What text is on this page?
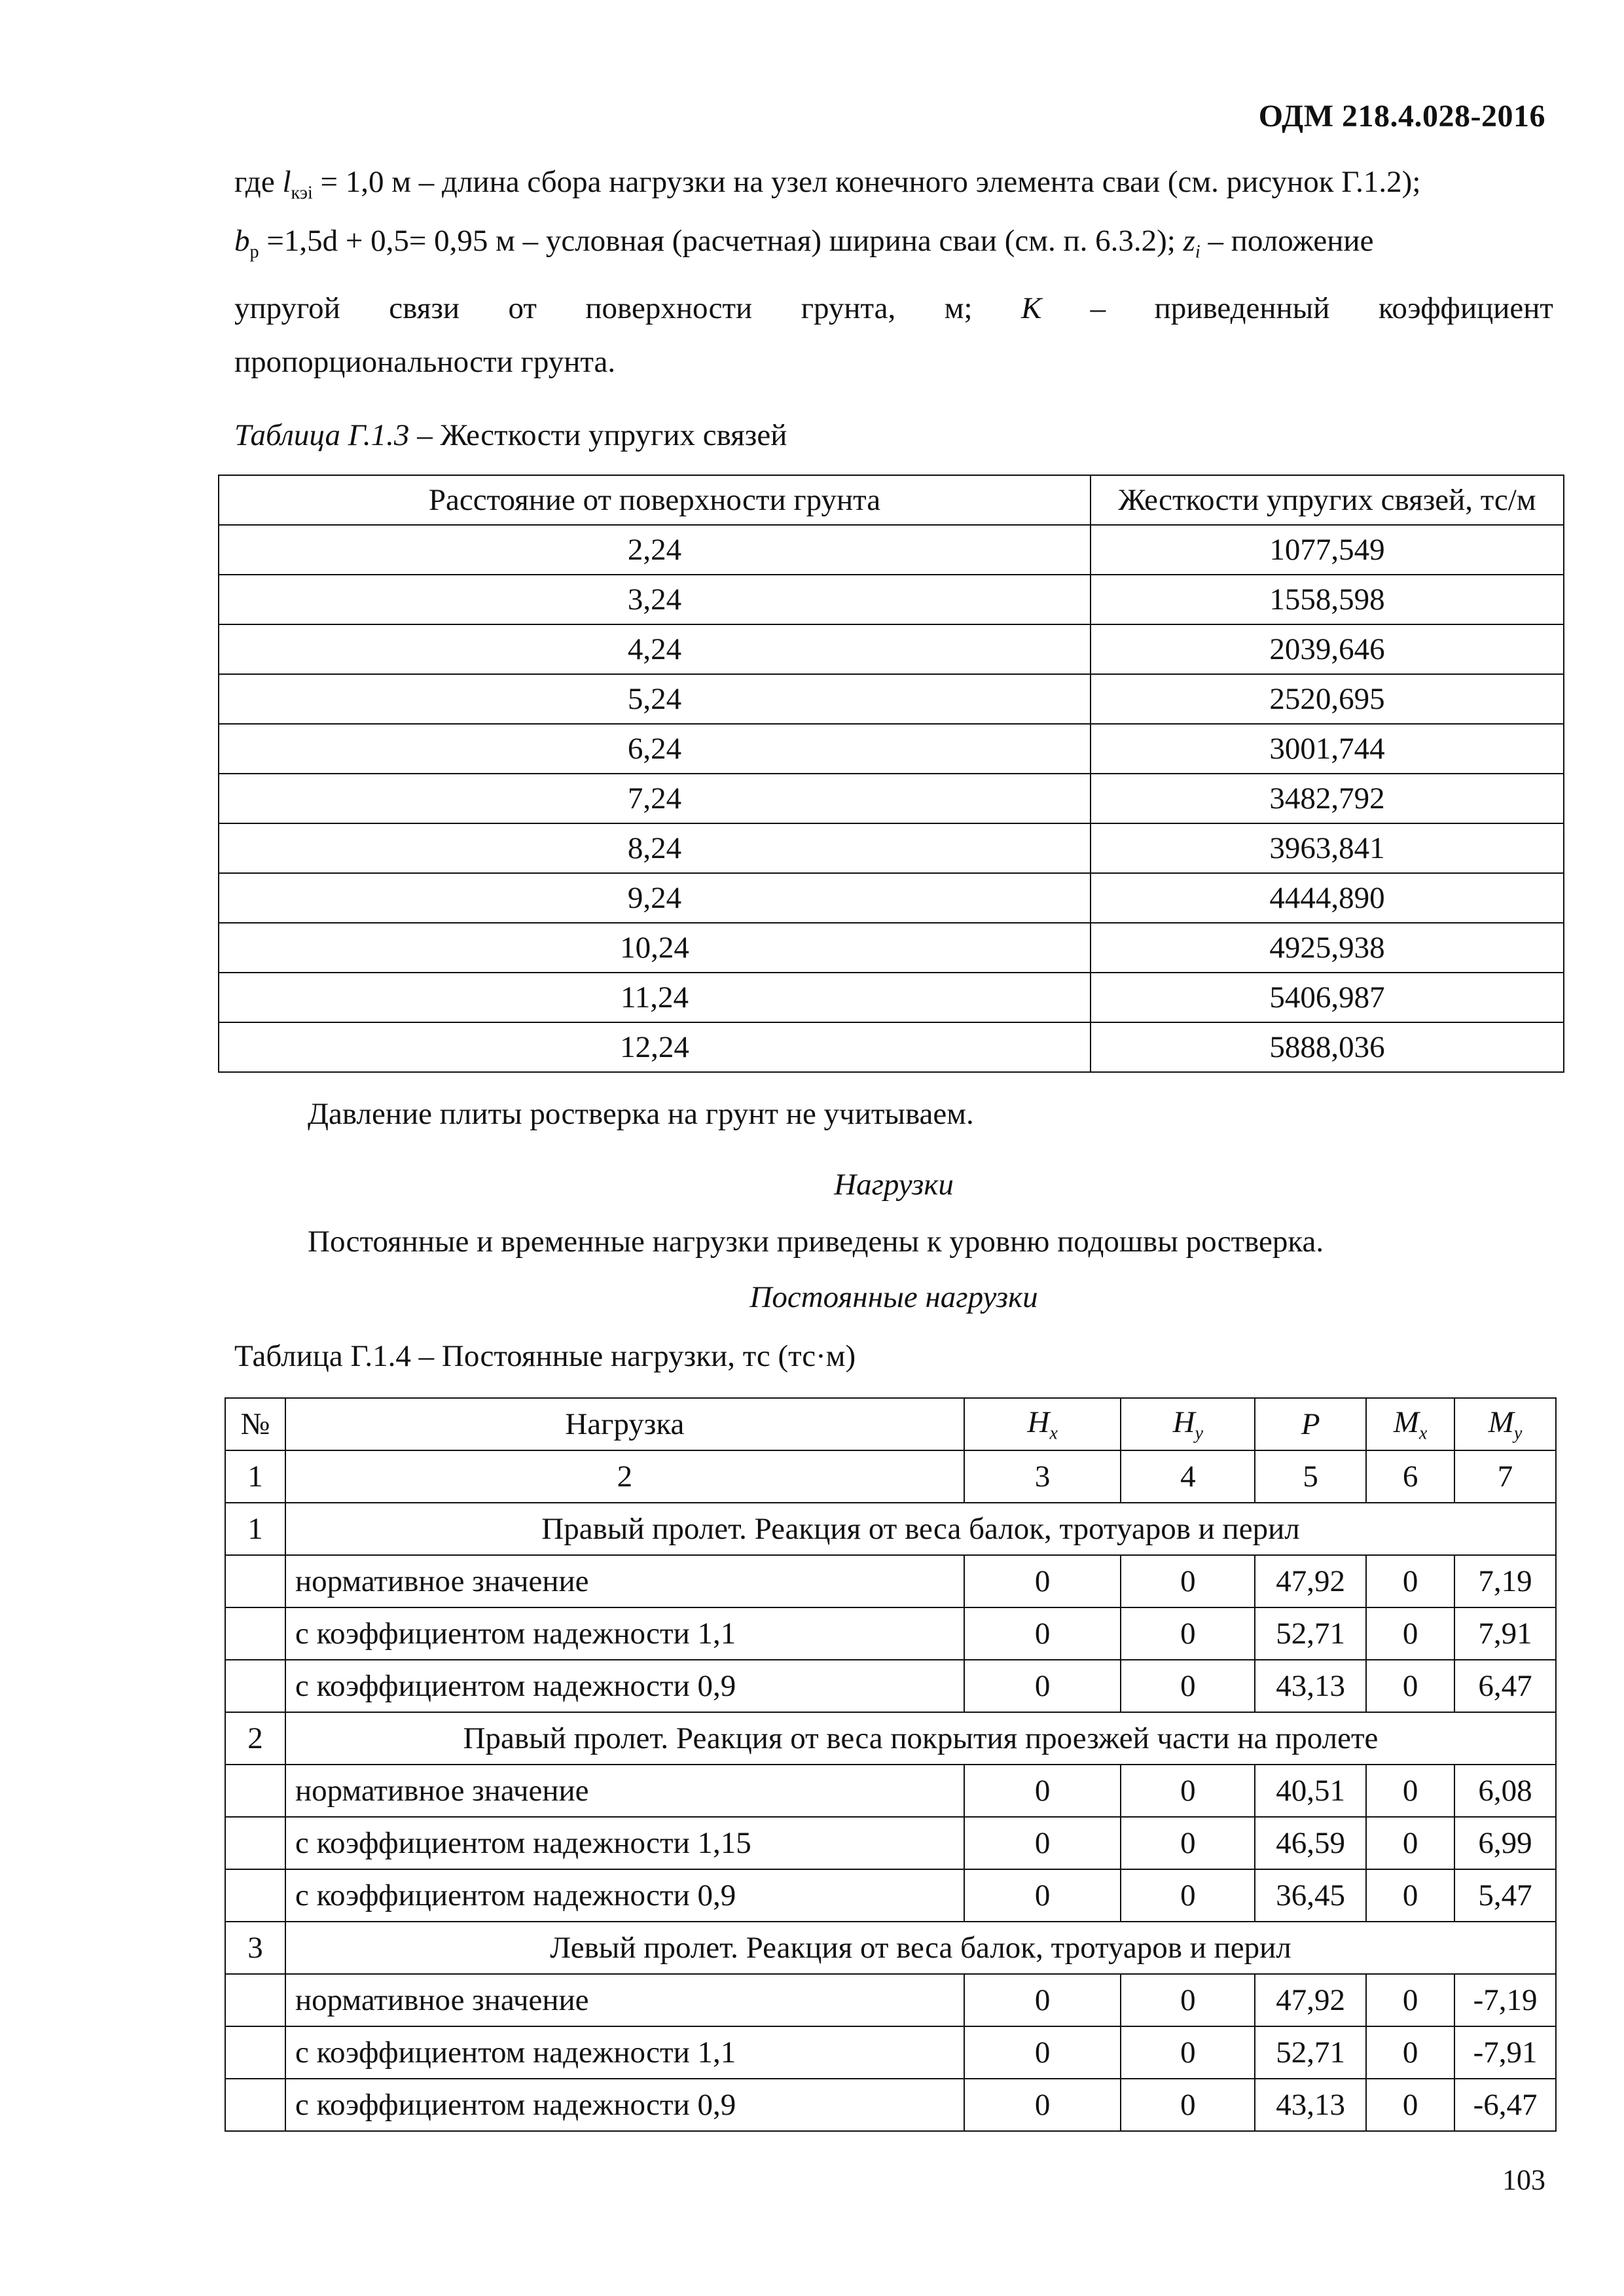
ОДМ 218.4.028-2016
где $l_{кэi} = 1,0$ м – длина сбора нагрузки на узел конечного элемента сваи (см. рисунок Г.1.2);
$b_р =1,5d + 0,5= 0,95$ м – условная (расчетная) ширина сваи (см. п. 6.3.2); $z_i$ – положение
упругой связи от поверхности грунта, м; К – приведенный коэффициент
пропорциональности грунта.
Таблица Г.1.3 – Жесткости упругих связей
Расстояние от поверхности грунта	Жесткости упругих связей, тс/м
2,24	1077,549
3,24	1558,598
4,24	2039,646
5,24	2520,695
6,24	3001,744
7,24	3482,792
8,24	3963,841
9,24	4444,890
10,24	4925,938
11,24	5406,987
12,24	5888,036
Давление плиты ростверка на грунт не учитываем.
Нагрузки
Постоянные и временные нагрузки приведены к уровню подошвы ростверка.
Постоянные нагрузки
Таблица Г.1.4 – Постоянные нагрузки, тс (тс·м)
№	Нагрузка	$H_x$	$H_y$	P	$M_x$	$M_y$
1	2	3	4	5	6	7
1	Правый пролет. Реакция от веса балок, тротуаров и перил					
	нормативное значение	0	0	47,92	0	7,19
	с коэффициентом надежности 1,1	0	0	52,71	0	7,91
	с коэффициентом надежности 0,9	0	0	43,13	0	6,47
2	Правый пролет. Реакция от веса покрытия проезжей части на пролете					
	нормативное значение	0	0	40,51	0	6,08
	с коэффициентом надежности 1,15	0	0	46,59	0	6,99
	с коэффициентом надежности 0,9	0	0	36,45	0	5,47
3	Левый пролет. Реакция от веса балок, тротуаров и перил					
	нормативное значение	0	0	47,92	0	-7,19
	с коэффициентом надежности 1,1	0	0	52,71	0	-7,91
	с коэффициентом надежности 0,9	0	0	43,13	0	-6,47
103
